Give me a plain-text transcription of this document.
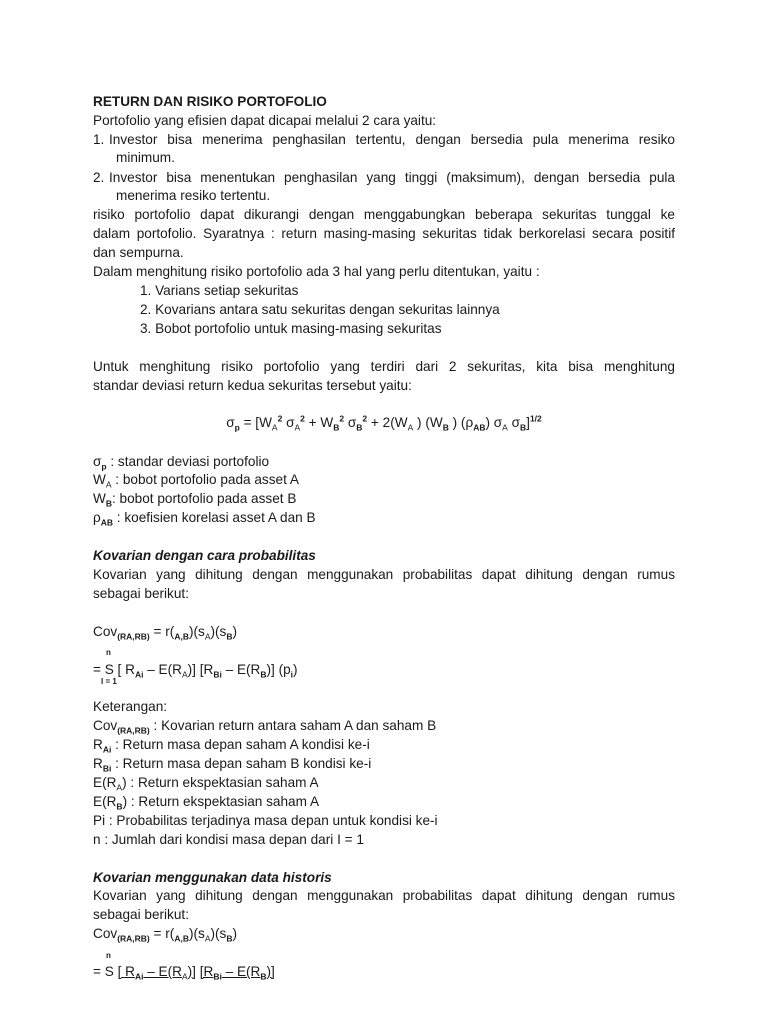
RETURN DAN RISIKO PORTOFOLIO
Portofolio yang efisien dapat dicapai melalui 2 cara yaitu:
1. Investor bisa menerima penghasilan tertentu, dengan bersedia pula menerima resiko
minimum.
2. Investor bisa menentukan penghasilan yang tinggi (maksimum), dengan bersedia pula
menerima resiko tertentu.
risiko portofolio dapat dikurangi dengan menggabungkan beberapa sekuritas tunggal ke
dalam portofolio. Syaratnya : return masing-masing sekuritas tidak berkorelasi secara positif
dan sempurna.
Dalam menghitung risiko portofolio ada 3 hal yang perlu ditentukan, yaitu :
1. Varians setiap sekuritas
2. Kovarians antara satu sekuritas dengan sekuritas lainnya
3. Bobot portofolio untuk masing-masing sekuritas
Untuk menghitung risiko portofolio yang terdiri dari 2 sekuritas, kita bisa menghitung
standar deviasi return kedua sekuritas tersebut yaitu:
$\sigma_p = [W_A^2$ $\sigma_A^2 + W_B^2$ $\sigma_B^2 + 2(W_A$ ) ($W_B$ ) $(\rho_{AB})$ $\sigma_A$ $\sigma_B]^{1/2}$
$\sigma_p$ : standar deviasi portofolio
$W_A$ : bobot portofolio pada asset A
$W_B$: bobot portofolio pada asset B
$\rho_{AB}$ : koefisien korelasi asset A dan B
Kovarian dengan cara probabilitas
Kovarian yang dihitung dengan menggunakan probabilitas dapat dihitung dengan rumus
sebagai berikut:
$Cov_{(RA,RB)} = r(_{A,B})(s_A)(s_B)$
n
= S [ $R_{Ai} - E(R_A)$] $[R_{Bi} - E(R_B)]$ $(p_i)$
I = 1
Keterangan:
Cov$_{(RA,RB)}$ : Kovarian return antara saham A dan saham B
$R_{Ai}$ : Return masa depan saham A kondisi ke-i
$R_{Bi}$ : Return masa depan saham B kondisi ke-i
$E(R_A)$ : Return ekspektasian saham A
$E(R_B)$ : Return ekspektasian saham A
Pi : Probabilitas terjadinya masa depan untuk kondisi ke-i
n : Jumlah dari kondisi masa depan dari I = 1
Kovarian menggunakan data historis
Kovarian yang dihitung dengan menggunakan probabilitas dapat dihitung dengan rumus
sebagai berikut:
$Cov_{(RA,RB)} = r(_{A,B})(s_A)(s_B)$
n
= S [ $R_{Ai} - E(R_A)$] $[R_{Bi} - E(R_B)]$
